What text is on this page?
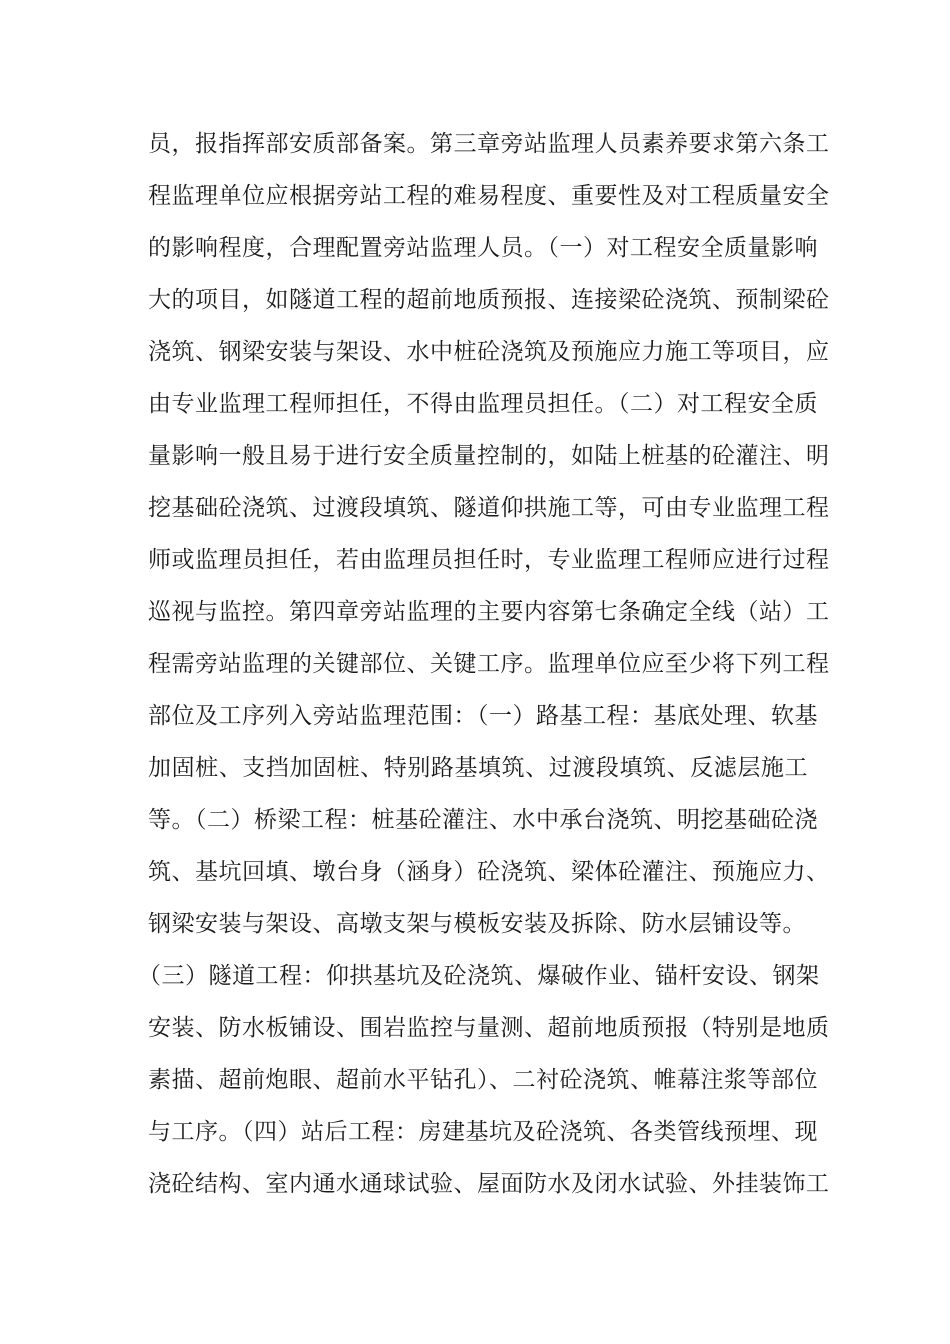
员，报指挥部安质部备案。第三章旁站监理人员素养要求第六条工
程监理单位应根据旁站工程的难易程度、重要性及对工程质量安全
的影响程度，合理配置旁站监理人员。（一）对工程安全质量影响
大的项目，如隧道工程的超前地质预报、连接梁砼浇筑、预制梁砼
浇筑、钢梁安装与架设、水中桩砼浇筑及预施应力施工等项目，应
由专业监理工程师担任，不得由监理员担任。（二）对工程安全质
量影响一般且易于进行安全质量控制的，如陆上桩基的砼灌注、明
挖基础砼浇筑、过渡段填筑、隧道仰拱施工等，可由专业监理工程
师或监理员担任，若由监理员担任时，专业监理工程师应进行过程
巡视与监控。第四章旁站监理的主要内容第七条确定全线（站）工
程需旁站监理的关键部位、关键工序。监理单位应至少将下列工程
部位及工序列入旁站监理范围：（一）路基工程：基底处理、软基
加固桩、支挡加固桩、特别路基填筑、过渡段填筑、反滤层施工
等。（二）桥梁工程：桩基砼灌注、水中承台浇筑、明挖基础砼浇
筑、基坑回填、墩台身（涵身）砼浇筑、梁体砼灌注、预施应力、
钢梁安装与架设、高墩支架与模板安装及拆除、防水层铺设等。
（三）隧道工程：仰拱基坑及砼浇筑、爆破作业、锚杆安设、钢架
安装、防水板铺设、围岩监控与量测、超前地质预报（特别是地质
素描、超前炮眼、超前水平钻孔）、二衬砼浇筑、帷幕注浆等部位
与工序。（四）站后工程：房建基坑及砼浇筑、各类管线预埋、现
浇砼结构、室内通水通球试验、屋面防水及闭水试验、外挂装饰工
